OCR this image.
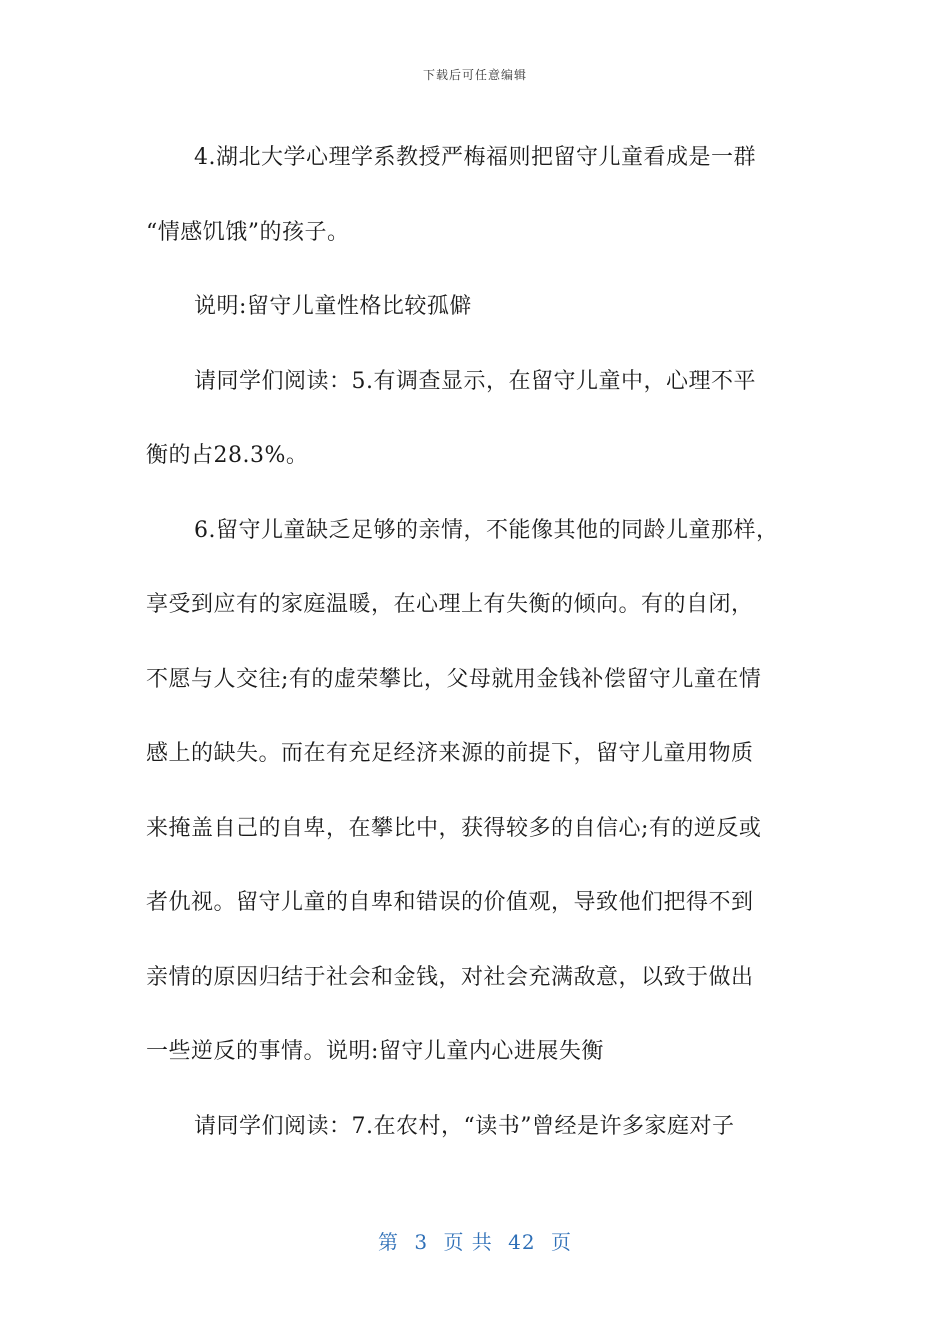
下载后可任意编辑
4.湖北大学心理学系教授严梅福则把留守儿童看成是一群
“情感饥饿”的孩子。
说明:留守儿童性格比较孤僻
请同学们阅读：5.有调查显示，在留守儿童中，心理不平
衡的占28.3%。
6.留守儿童缺乏足够的亲情，不能像其他的同龄儿童那样，
享受到应有的家庭温暖，在心理上有失衡的倾向。有的自闭，
不愿与人交往;有的虚荣攀比，父母就用金钱补偿留守儿童在情
感上的缺失。而在有充足经济来源的前提下，留守儿童用物质
来掩盖自己的自卑，在攀比中，获得较多的自信心;有的逆反或
者仇视。留守儿童的自卑和错误的价值观，导致他们把得不到
亲情的原因归结于社会和金钱，对社会充满敌意，以致于做出
一些逆反的事情。说明:留守儿童内心进展失衡
请同学们阅读：7.在农村，“读书”曾经是许多家庭对子
第 3 页 共 42 页
